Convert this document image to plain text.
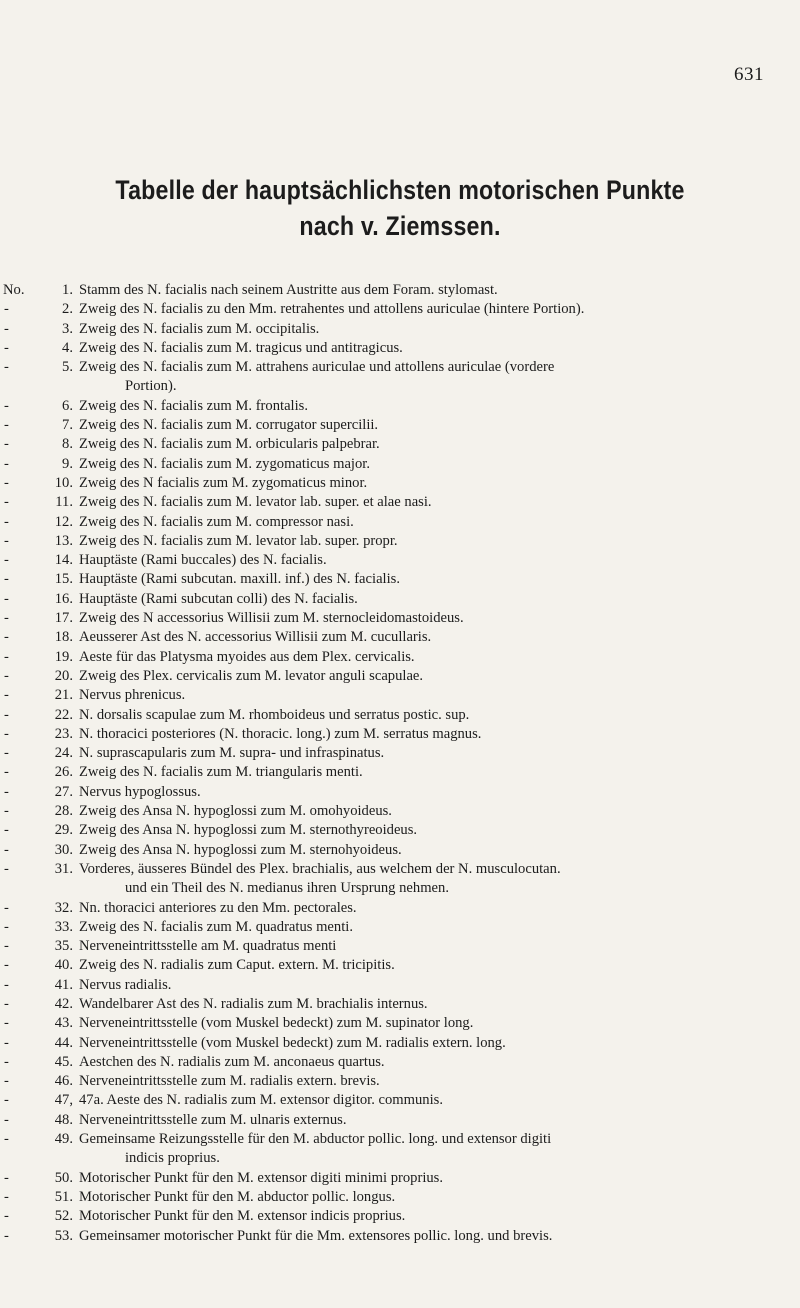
631
Tabelle der hauptsächlichsten motorischen Punkte
nach v. Ziemssen.
No.	1. Stamm des N. facialis nach seinem Austritte aus dem Foram. stylomast.
-	2. Zweig des N. facialis zu den Mm. retrahentes und attollens auriculae (hintere Portion).
-	3. Zweig des N. facialis zum M. occipitalis.
-	4. Zweig des N. facialis zum M. tragicus und antitragicus.
-	5. Zweig des N. facialis zum M. attrahens auriculae und attollens auriculae (vordere
Portion).
-	6. Zweig des N. facialis zum M. frontalis.
-	7. Zweig des N. facialis zum M. corrugator supercilii.
-	8. Zweig des N. facialis zum M. orbicularis palpebrar.
-	9. Zweig des N. facialis zum M. zygomaticus major.
-	10. Zweig des N facialis zum M. zygomaticus minor.
-	11. Zweig des N. facialis zum M. levator lab. super. et alae nasi.
-	12. Zweig des N. facialis zum M. compressor nasi.
-	13. Zweig des N. facialis zum M. levator lab. super. propr.
-	14. Hauptäste (Rami buccales) des N. facialis.
-	15. Hauptäste (Rami subcutan. maxill. inf.) des N. facialis.
-	16. Hauptäste (Rami subcutan colli) des N. facialis.
-	17. Zweig des N accessorius Willisii zum M. sternocleidomastoideus.
-	18. Aeusserer Ast des N. accessorius Willisii zum M. cucullaris.
-	19. Aeste für das Platysma myoides aus dem Plex. cervicalis.
-	20. Zweig des Plex. cervicalis zum M. levator anguli scapulae.
-	21. Nervus phrenicus.
-	22. N. dorsalis scapulae zum M. rhomboideus und serratus postic. sup.
-	23. N. thoracici posteriores (N. thoracic. long.) zum M. serratus magnus.
-	24. N. suprascapularis zum M. supra- und infraspinatus.
-	26. Zweig des N. facialis zum M. triangularis menti.
-	27. Nervus hypoglossus.
-	28. Zweig des Ansa N. hypoglossi zum M. omohyoideus.
-	29. Zweig des Ansa N. hypoglossi zum M. sternothyreoideus.
-	30. Zweig des Ansa N. hypoglossi zum M. sternohyoideus.
-	31. Vorderes, äusseres Bündel des Plex. brachialis, aus welchem der N. musculocutan.
und ein Theil des N. medianus ihren Ursprung nehmen.
-	32. Nn. thoracici anteriores zu den Mm. pectorales.
-	33. Zweig des N. facialis zum M. quadratus menti.
-	35. Nerveneintrittsstelle am M. quadratus menti
-	40. Zweig des N. radialis zum Caput. extern. M. tricipitis.
-	41. Nervus radialis.
-	42. Wandelbarer Ast des N. radialis zum M. brachialis internus.
-	43. Nerveneintrittsstelle (vom Muskel bedeckt) zum M. supinator long.
-	44. Nerveneintrittsstelle (vom Muskel bedeckt) zum M. radialis extern. long.
-	45. Aestchen des N. radialis zum M. anconaeus quartus.
-	46. Nerveneintrittsstelle zum M. radialis extern. brevis.
-	47, 47a. Aeste des N. radialis zum M. extensor digitor. communis.
-	48. Nerveneintrittsstelle zum M. ulnaris externus.
-	49. Gemeinsame Reizungsstelle für den M. abductor pollic. long. und extensor digiti
indicis proprius.
-	50. Motorischer Punkt für den M. extensor digiti minimi proprius.
-	51. Motorischer Punkt für den M. abductor pollic. longus.
-	52. Motorischer Punkt für den M. extensor indicis proprius.
-	53. Gemeinsamer motorischer Punkt für die Mm. extensores pollic. long. und brevis.
